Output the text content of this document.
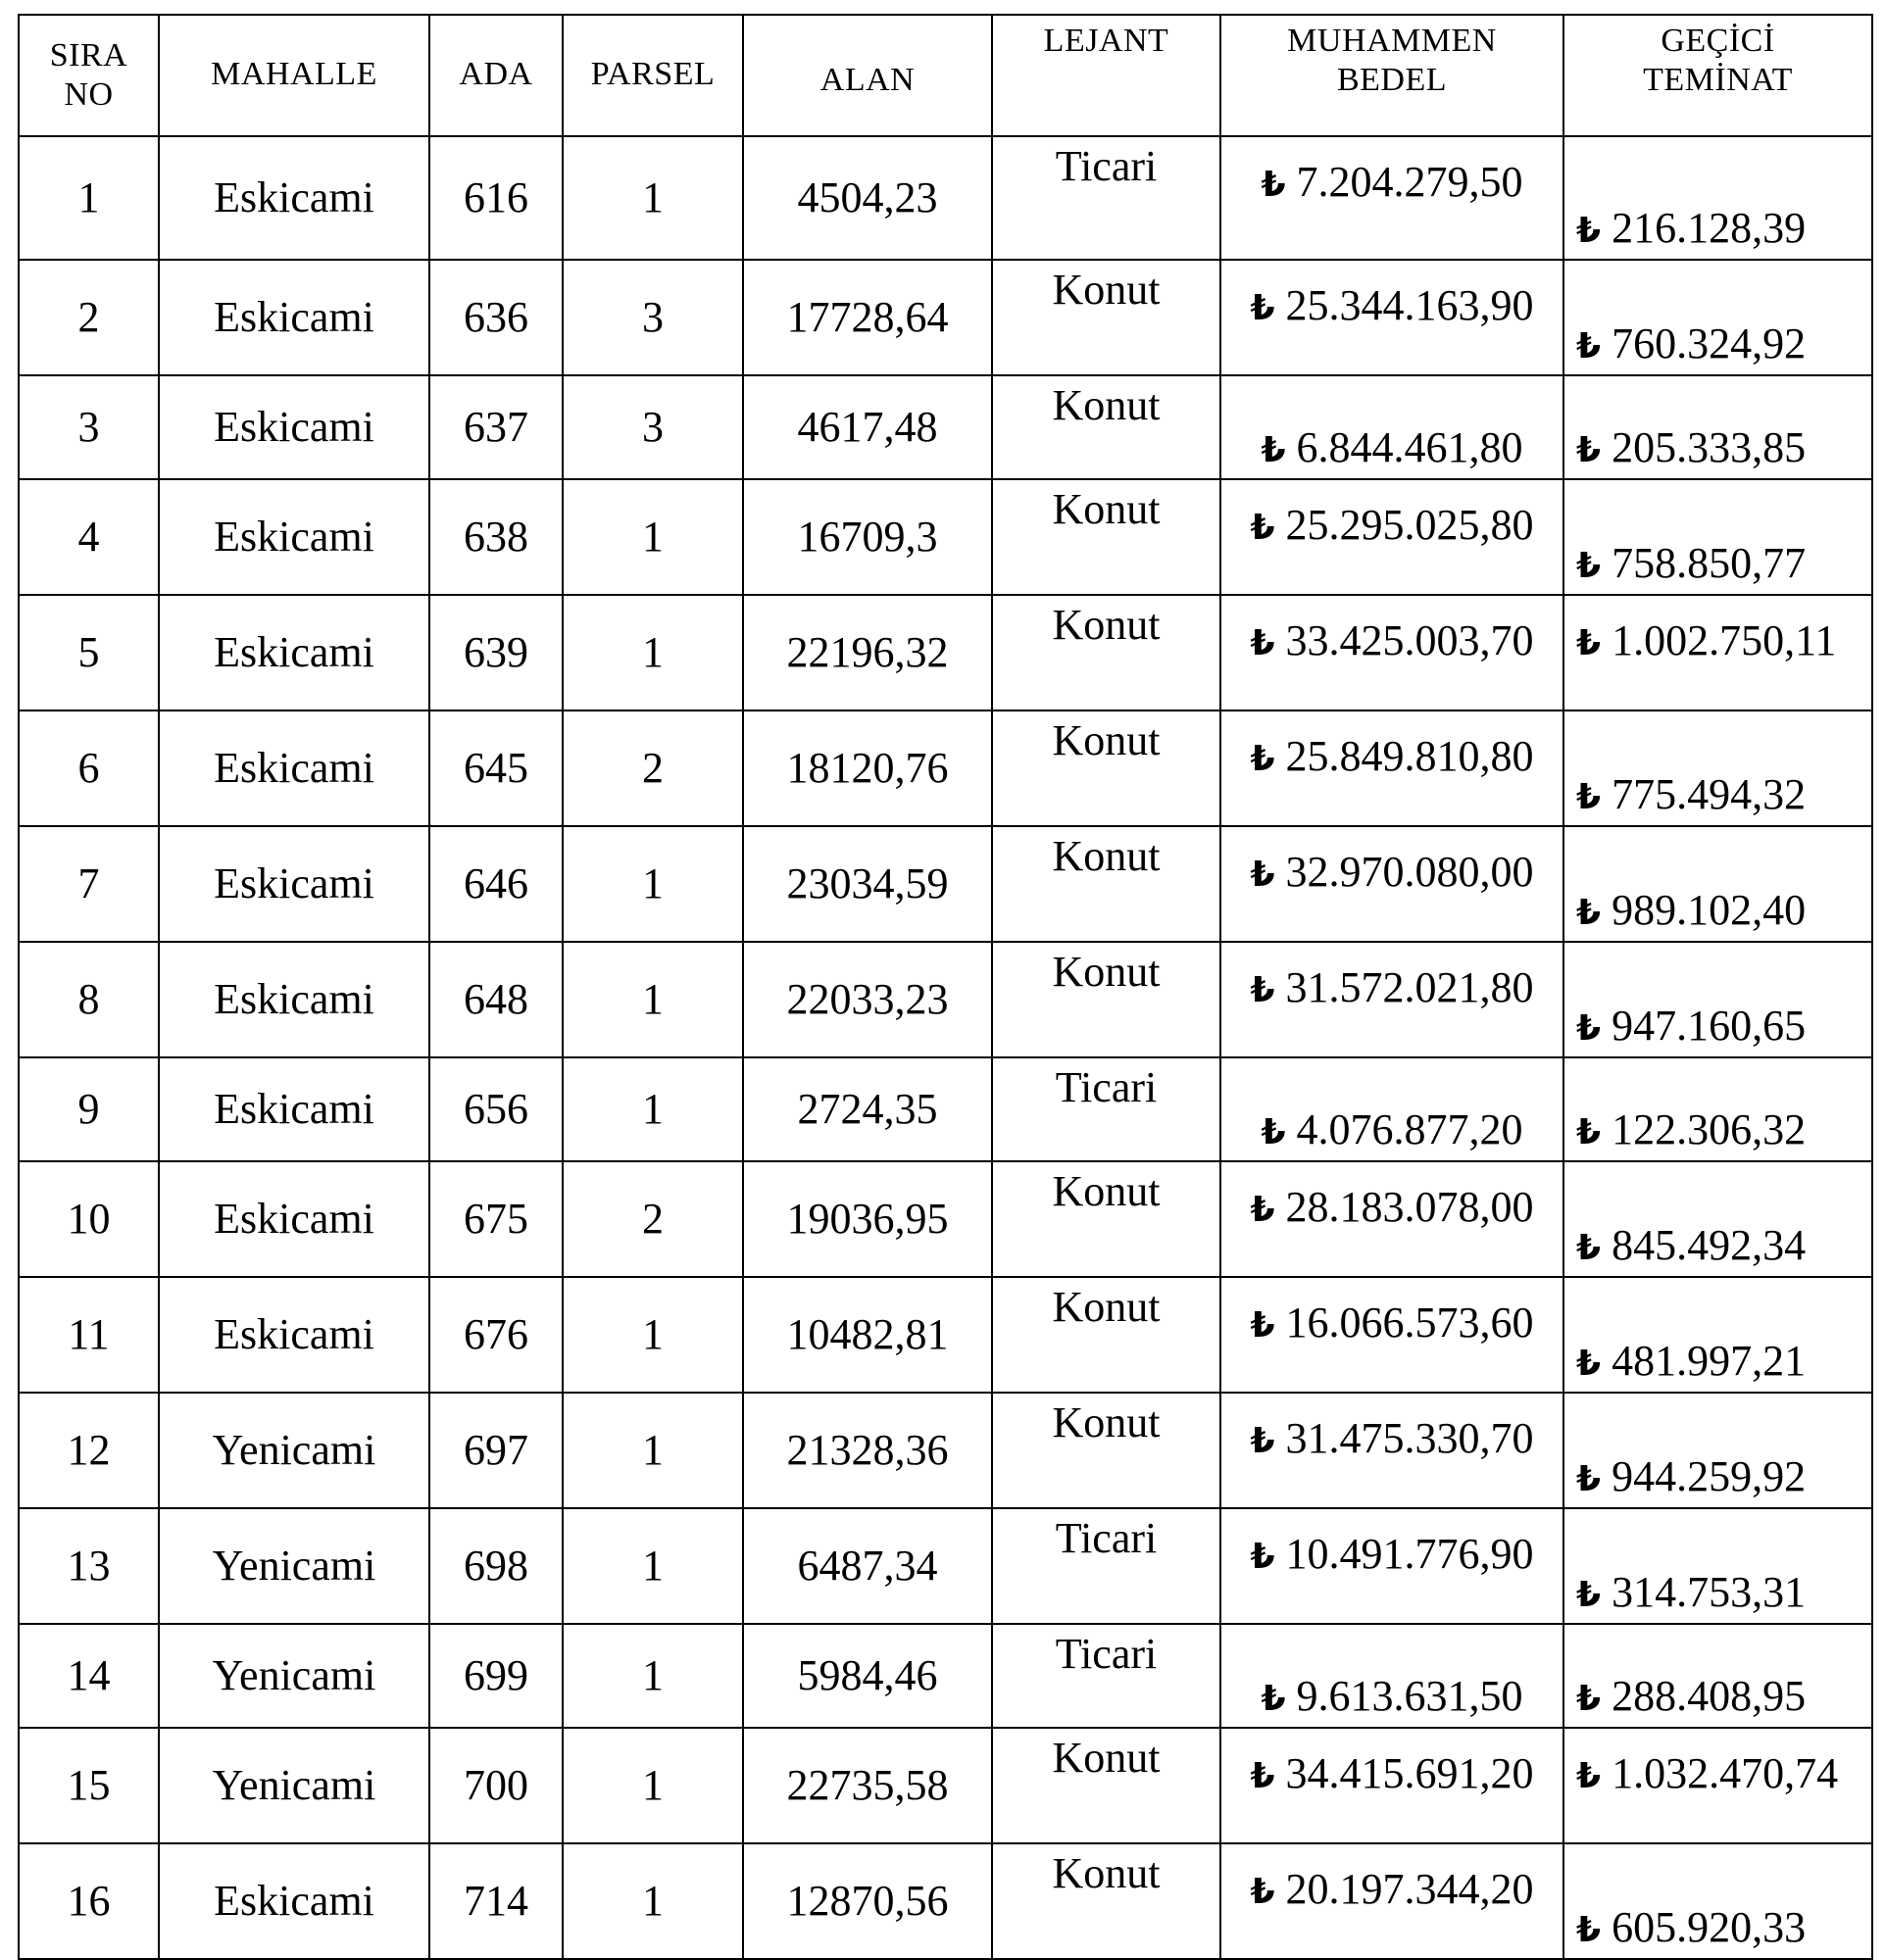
SIRA NO	MAHALLE	ADA	PARSEL	ALAN	LEJANT	MUHAMMEN BEDEL	GEÇİCİ TEMİNAT
1	Eskicami	616	1	4504,23	Ticari	₺ 7.204.279,50	₺ 216.128,39
2	Eskicami	636	3	17728,64	Konut	₺ 25.344.163,90	₺ 760.324,92
3	Eskicami	637	3	4617,48	Konut	₺ 6.844.461,80	₺ 205.333,85
4	Eskicami	638	1	16709,3	Konut	₺ 25.295.025,80	₺ 758.850,77
5	Eskicami	639	1	22196,32	Konut	₺ 33.425.003,70	₺ 1.002.750,11
6	Eskicami	645	2	18120,76	Konut	₺ 25.849.810,80	₺ 775.494,32
7	Eskicami	646	1	23034,59	Konut	₺ 32.970.080,00	₺ 989.102,40
8	Eskicami	648	1	22033,23	Konut	₺ 31.572.021,80	₺ 947.160,65
9	Eskicami	656	1	2724,35	Ticari	₺ 4.076.877,20	₺ 122.306,32
10	Eskicami	675	2	19036,95	Konut	₺ 28.183.078,00	₺ 845.492,34
11	Eskicami	676	1	10482,81	Konut	₺ 16.066.573,60	₺ 481.997,21
12	Yenicami	697	1	21328,36	Konut	₺ 31.475.330,70	₺ 944.259,92
13	Yenicami	698	1	6487,34	Ticari	₺ 10.491.776,90	₺ 314.753,31
14	Yenicami	699	1	5984,46	Ticari	₺ 9.613.631,50	₺ 288.408,95
15	Yenicami	700	1	22735,58	Konut	₺ 34.415.691,20	₺ 1.032.470,74
16	Eskicami	714	1	12870,56	Konut	₺ 20.197.344,20	₺ 605.920,33
